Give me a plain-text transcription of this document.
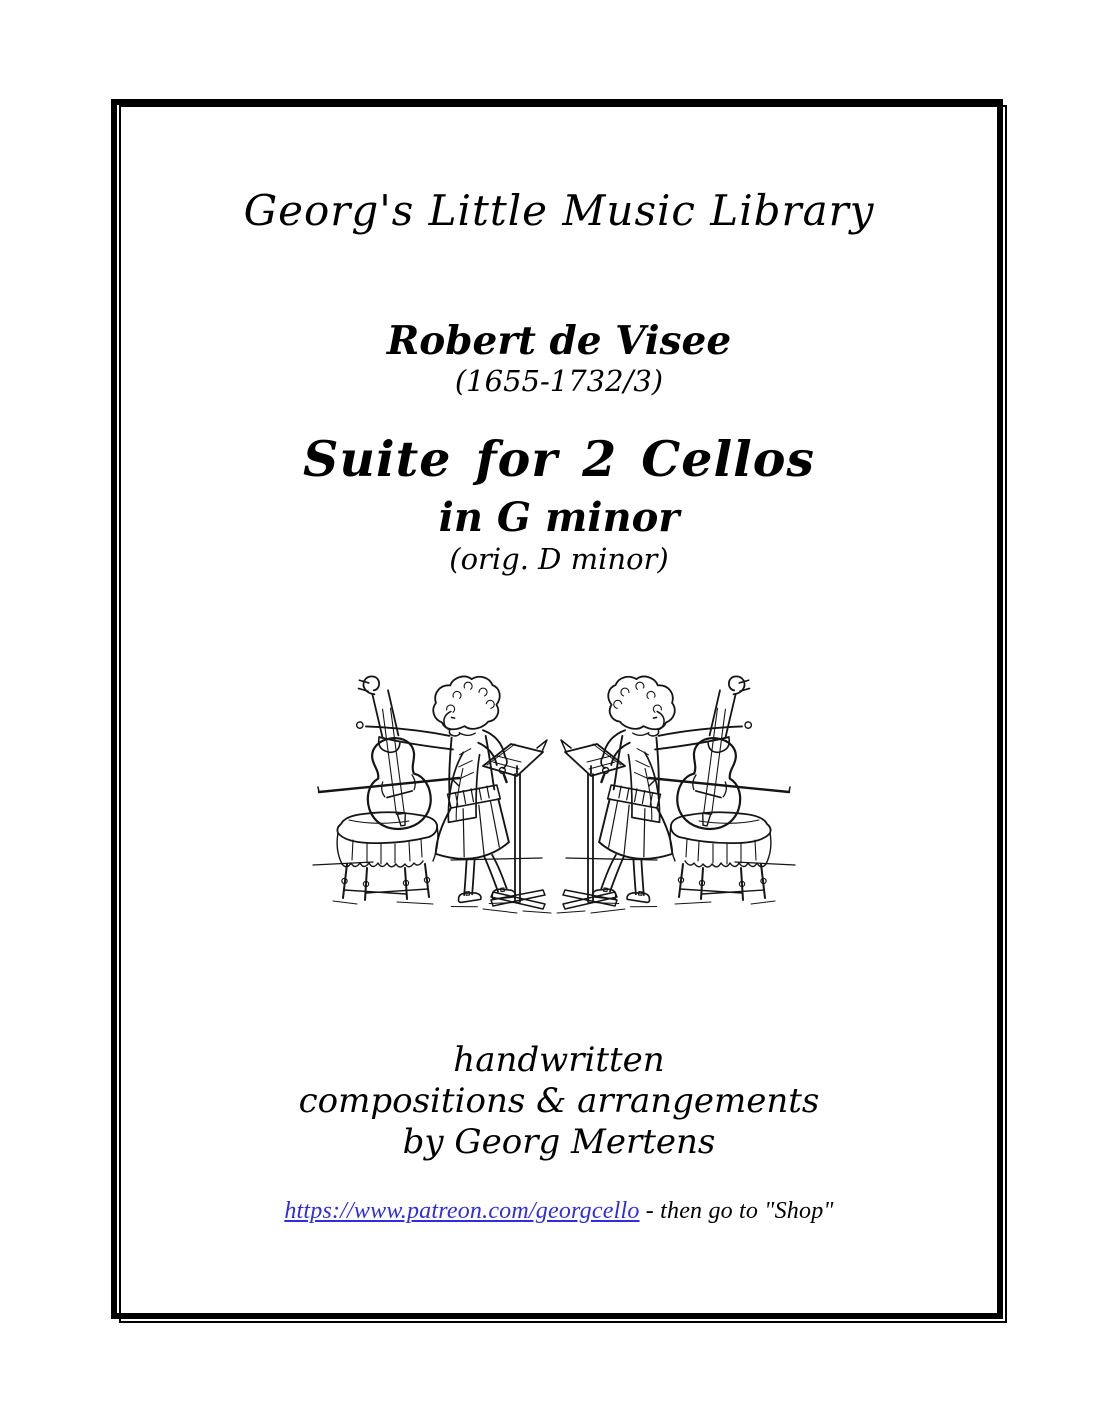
Georg's Little Music Library
Robert de Visee
(1655-1732/3)
Suite for 2 Cellos
in G minor
(orig. D minor)
handwritten
compositions & arrangements
by Georg Mertens
https://www.patreon.com/georgcello - then go to "Shop"
